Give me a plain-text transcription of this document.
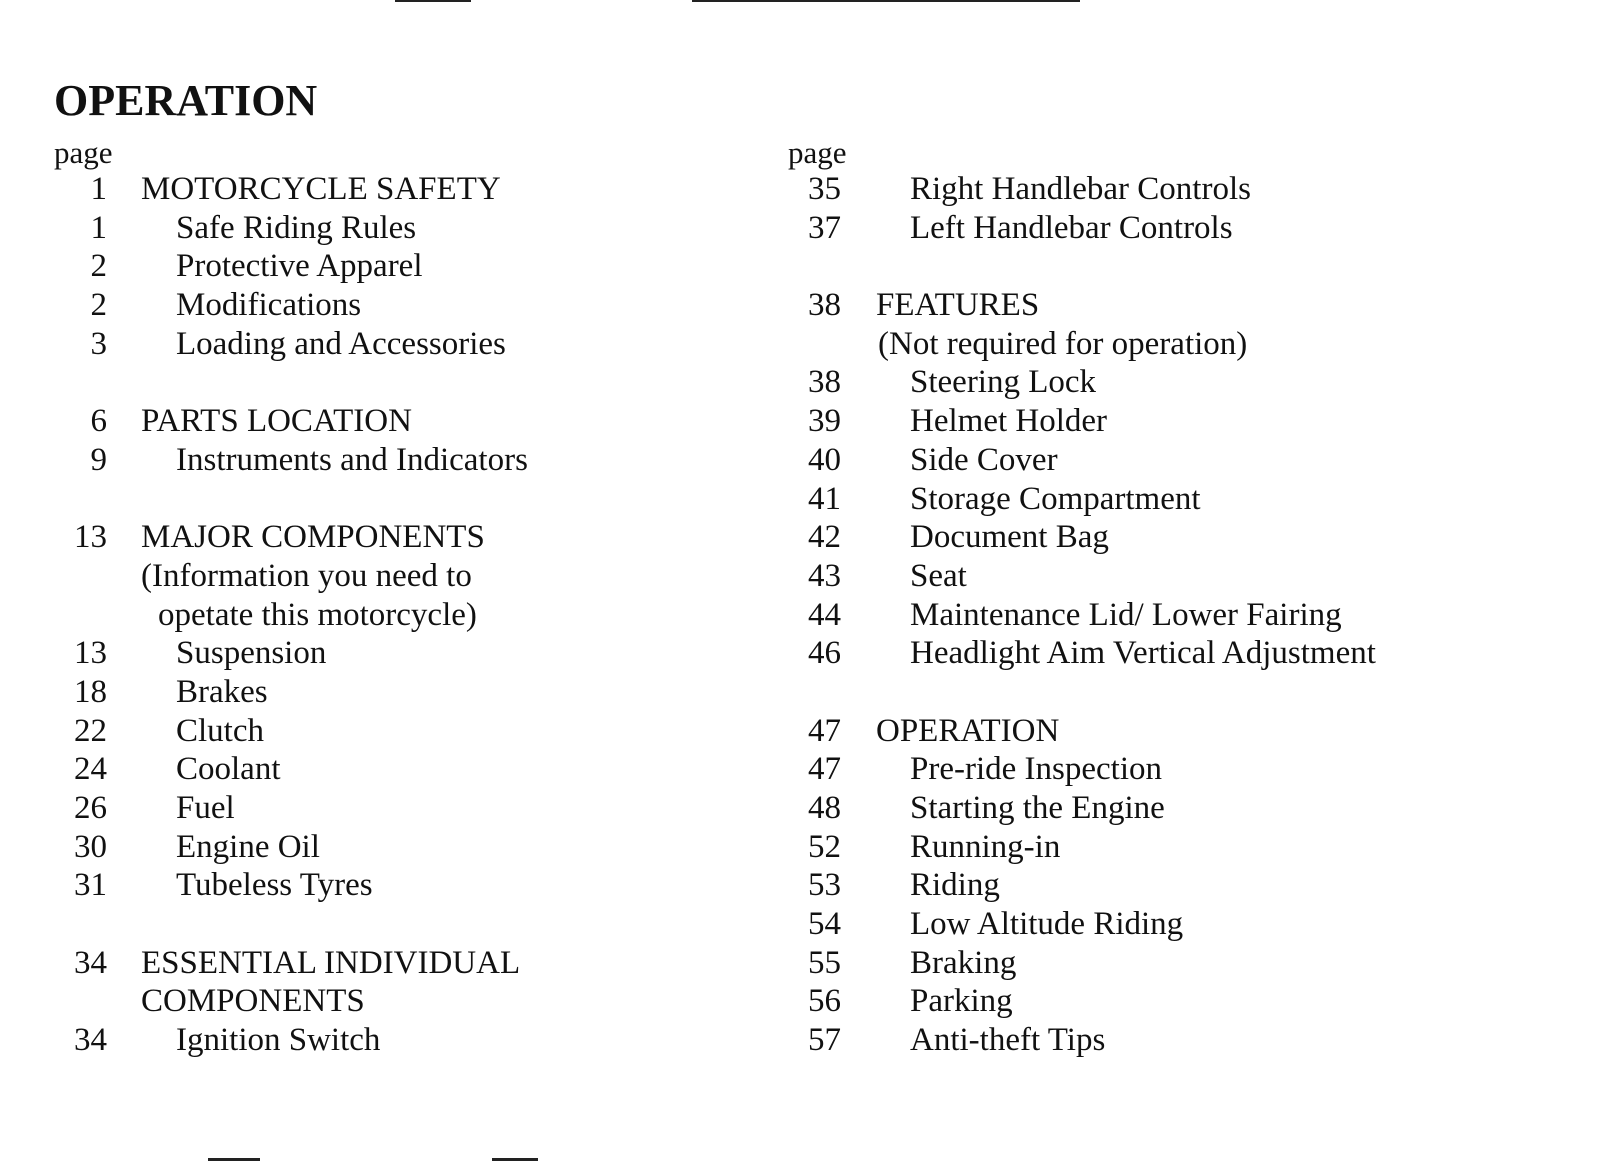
OPERATION
page
1 MOTORCYCLE SAFETY
1 Safe Riding Rules
2 Protective Apparel
2 Modifications
3 Loading and Accessories
6 PARTS LOCATION
9 Instruments and Indicators
13 MAJOR COMPONENTS
(Information you need to
opetate this motorcycle)
13 Suspension
18 Brakes
22 Clutch
24 Coolant
26 Fuel
30 Engine Oil
31 Tubeless Tyres
34 ESSENTIAL INDIVIDUAL
COMPONENTS
34 Ignition Switch
page
35 Right Handlebar Controls
37 Left Handlebar Controls
38 FEATURES
(Not required for operation)
38 Steering Lock
39 Helmet Holder
40 Side Cover
41 Storage Compartment
42 Document Bag
43 Seat
44 Maintenance Lid/ Lower Fairing
46 Headlight Aim Vertical Adjustment
47 OPERATION
47 Pre-ride Inspection
48 Starting the Engine
52 Running-in
53 Riding
54 Low Altitude Riding
55 Braking
56 Parking
57 Anti-theft Tips
